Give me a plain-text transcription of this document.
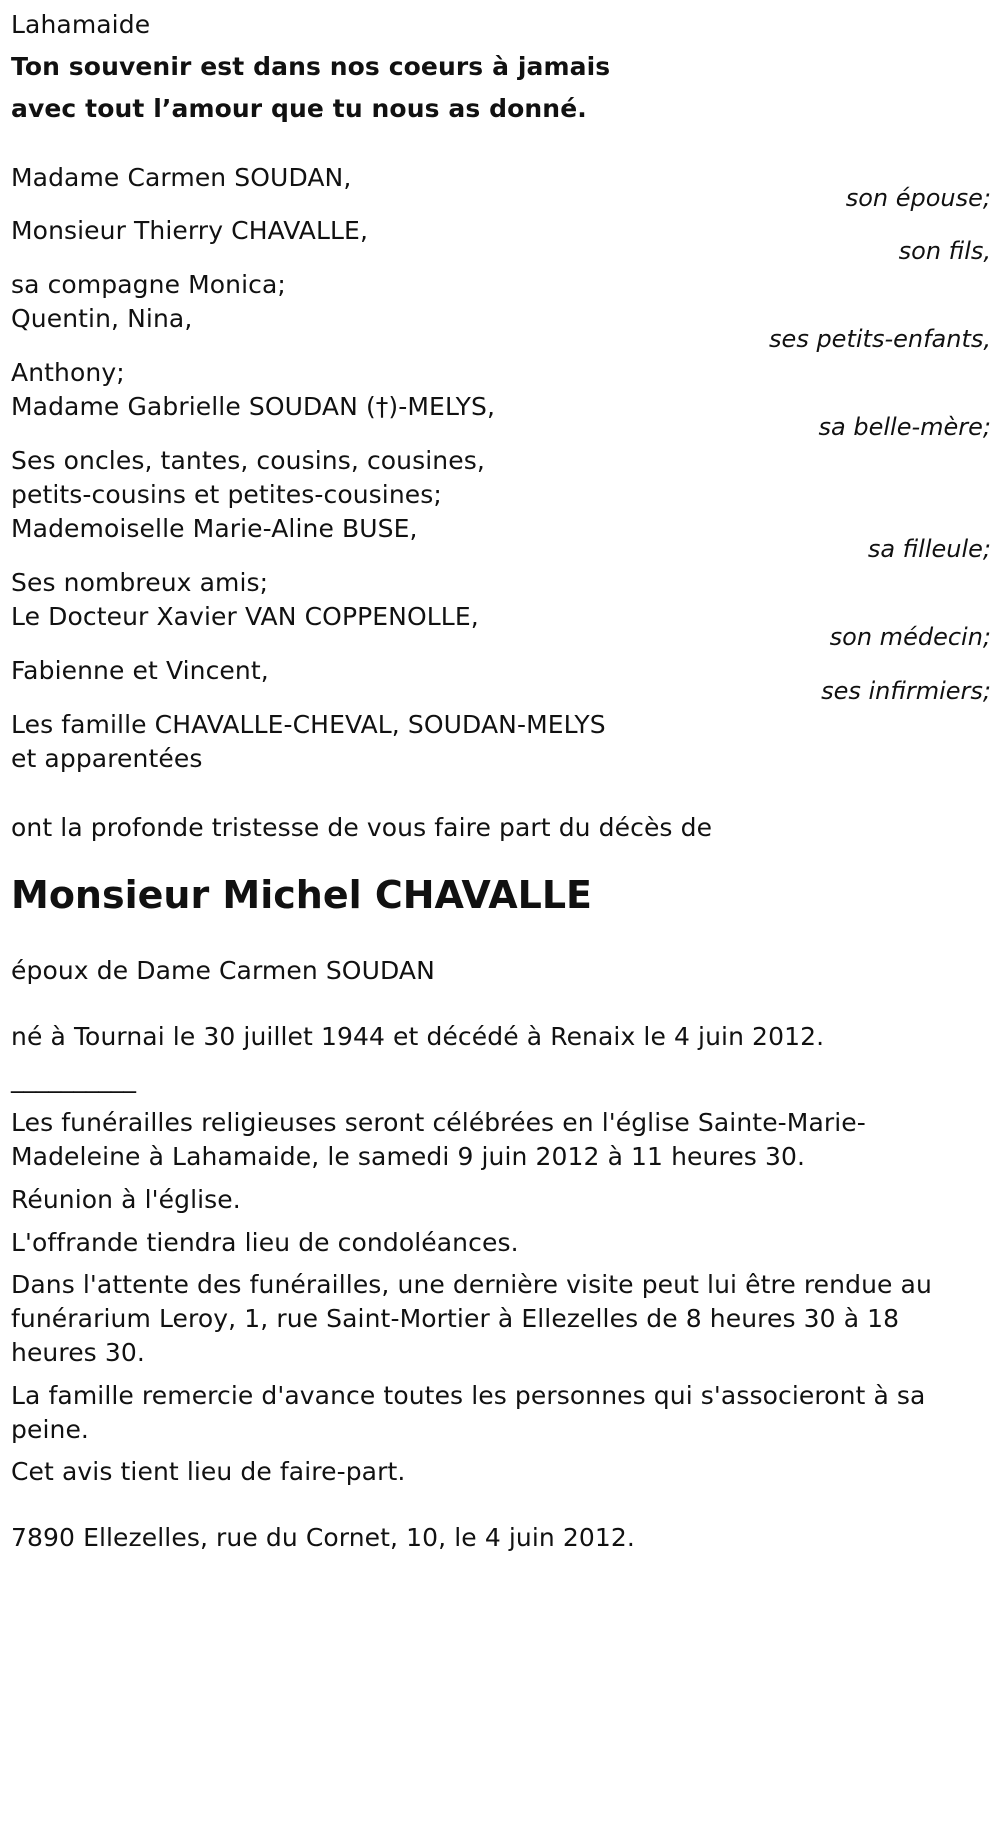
Lahamaide
Ton souvenir est dans nos coeurs à jamais
avec tout l’amour que tu nous as donné.
Madame Carmen SOUDAN,
son épouse;
Monsieur Thierry CHAVALLE,
son fils,
sa compagne Monica;
Quentin, Nina,
ses petits-enfants,
Anthony;
Madame Gabrielle SOUDAN (†)-MELYS,
sa belle-mère;
Ses oncles, tantes, cousins, cousines,
petits-cousins et petites-cousines;
Mademoiselle Marie-Aline BUSE,
sa filleule;
Ses nombreux amis;
Le Docteur Xavier VAN COPPENOLLE,
son médecin;
Fabienne et Vincent,
ses infirmiers;
Les famille CHAVALLE-CHEVAL, SOUDAN-MELYS
et apparentées
ont la profonde tristesse de vous faire part du décès de
Monsieur Michel CHAVALLE
époux de Dame Carmen SOUDAN
né à Tournai le 30 juillet 1944 et décédé à Renaix le 4 juin 2012.
__________
Les funérailles religieuses seront célébrées en l'église Sainte-Marie-
Madeleine à Lahamaide, le samedi 9 juin 2012 à 11 heures 30.
Réunion à l'église.
L'offrande tiendra lieu de condoléances.
Dans l'attente des funérailles, une dernière visite peut lui être rendue au
funérarium Leroy, 1, rue Saint-Mortier à Ellezelles de 8 heures 30 à 18
heures 30.
La famille remercie d'avance toutes les personnes qui s'associeront à sa
peine.
Cet avis tient lieu de faire-part.
7890 Ellezelles, rue du Cornet, 10, le 4 juin 2012.
